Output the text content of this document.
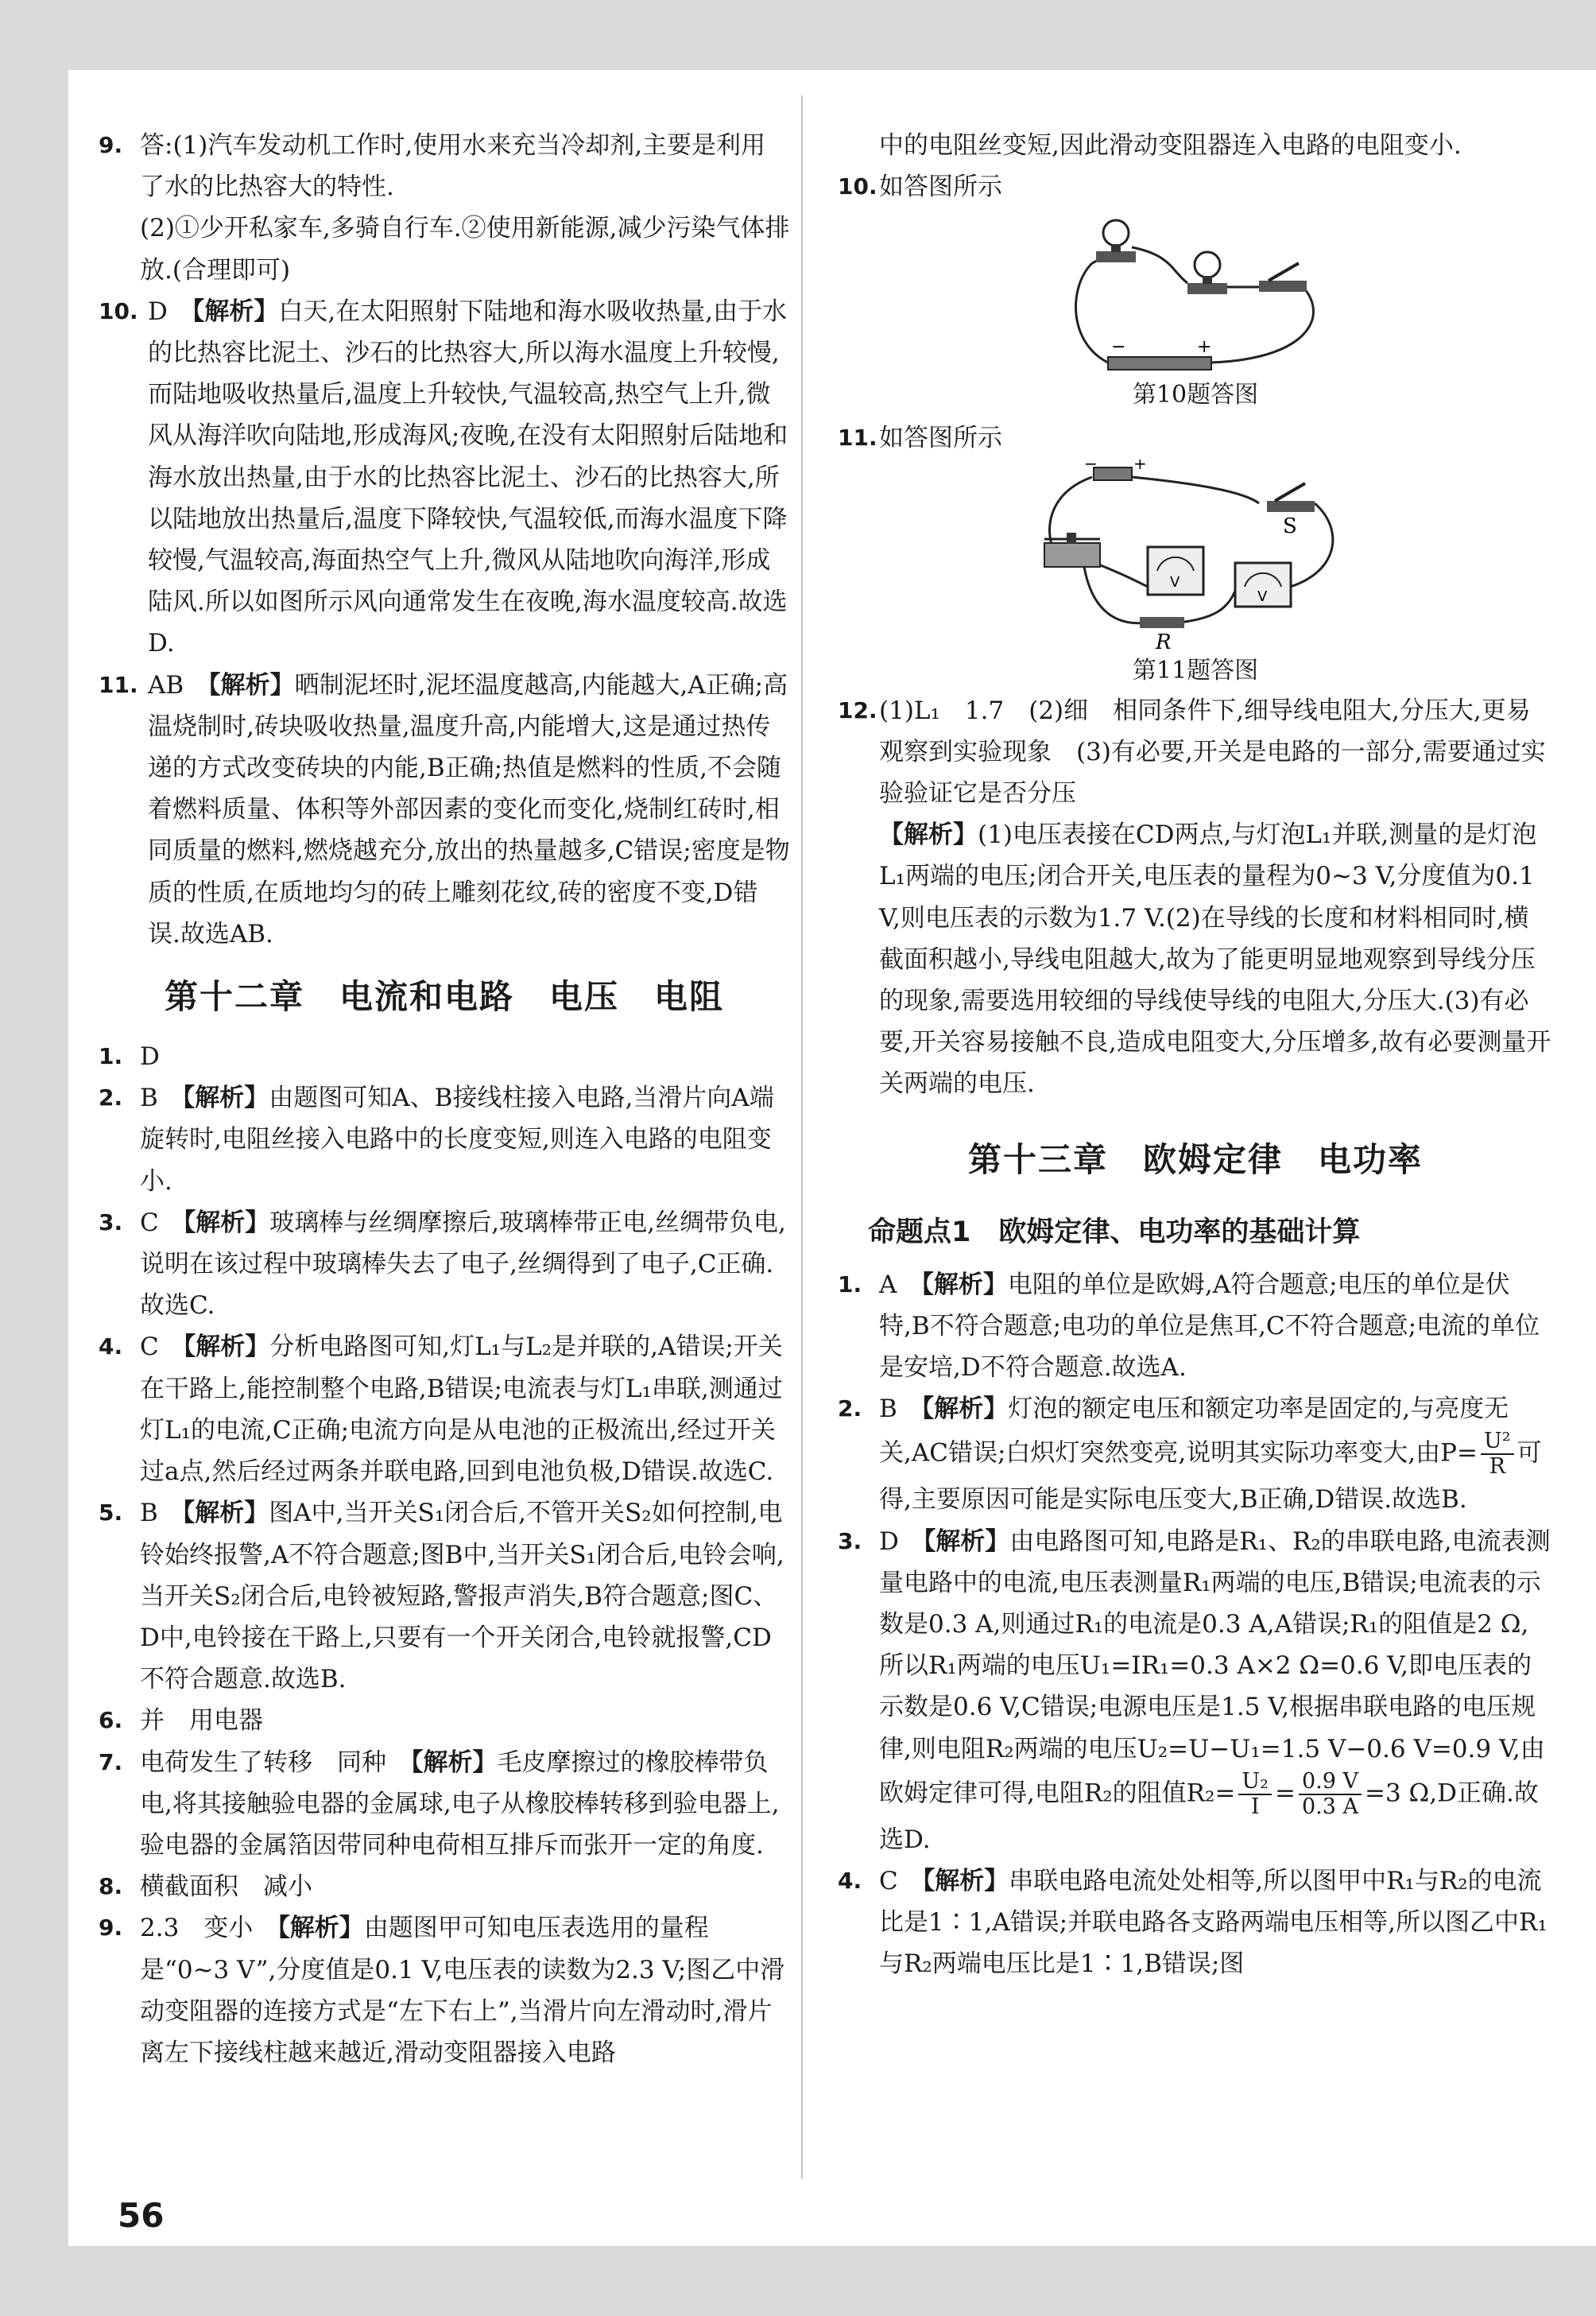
9. 答:(1)汽车发动机工作时,使用水来充当冷却剂,主要是利用了水的比热容大的特性.
(2)①少开私家车,多骑自行车.②使用新能源,减少污染气体排放.(合理即可)
10. D　 【解析】白天,在太阳照射下陆地和海水吸收热量,由于水的比热容比泥土、沙石的比热容大,所以海水温度上升较慢,而陆地吸收热量后,温度上升较快,气温较高,热空气上升,微风从海洋吹向陆地,形成海风;夜晚,在没有太阳照射后陆地和海水放出热量,由于水的比热容比泥土、沙石的比热容大,所以陆地放出热量后,温度下降较快,气温较低,而海水温度下降较慢,气温较高,海面热空气上升,微风从陆地吹向海洋,形成陆风.所以如图所示风向通常发生在夜晚,海水温度较高.故选D.
11. AB　 【解析】晒制泥坯时,泥坯温度越高,内能越大,A正确;高温烧制时,砖块吸收热量,温度升高,内能增大,这是通过热传递的方式改变砖块的内能,B正确;热值是燃料的性质,不会随着燃料质量、体积等外部因素的变化而变化,烧制红砖时,相同质量的燃料,燃烧越充分,放出的热量越多,C错误;密度是物质的性质,在质地均匀的砖上雕刻花纹,砖的密度不变,D错误.故选AB.
第十二章　电流和电路　电压　电阻
1. D
2. B　 【解析】由题图可知A、B接线柱接入电路,当滑片向A端旋转时,电阻丝接入电路中的长度变短,则连入电路的电阻变小.
3. C　 【解析】玻璃棒与丝绸摩擦后,玻璃棒带正电,丝绸带负电,说明在该过程中玻璃棒失去了电子,丝绸得到了电子,C正确.故选C.
4. C　 【解析】分析电路图可知,灯L₁与L₂是并联的,A错误;开关在干路上,能控制整个电路,B错误;电流表与灯L₁串联,测通过灯L₁的电流,C正确;电流方向是从电池的正极流出,经过开关过a点,然后经过两条并联电路,回到电池负极,D错误.故选C.
5. B　 【解析】图A中,当开关S₁闭合后,不管开关S₂如何控制,电铃始终报警,A不符合题意;图B中,当开关S₁闭合后,电铃会响,当开关S₂闭合后,电铃被短路,警报声消失,B符合题意;图C、D中,电铃接在干路上,只要有一个开关闭合,电铃就报警,CD不符合题意.故选B.
6. 并　用电器
7. 电荷发生了转移　同种　 【解析】毛皮摩擦过的橡胶棒带负电,将其接触验电器的金属球,电子从橡胶棒转移到验电器上,验电器的金属箔因带同种电荷相互排斥而张开一定的角度.
8. 横截面积　减小
9. 2.3　变小　 【解析】由题图甲可知电压表选用的量程是“0~3 V”,分度值是0.1 V,电压表的读数为2.3 V;图乙中滑动变阻器的连接方式是“左下右上”,当滑片向左滑动时,滑片离左下接线柱越来越近,滑动变阻器接入电路
中的电阻丝变短,因此滑动变阻器连入电路的电阻变小.
10. 如答图所示
−	+
第10题答图
11. 如答图所示
− +
S
V
V
R
第11题答图
12. (1)L₁　1.7　(2)细　相同条件下,细导线电阻大,分压大,更易观察到实验现象　(3)有必要,开关是电路的一部分,需要通过实验验证它是否分压
【解析】(1)电压表接在CD两点,与灯泡L₁并联,测量的是灯泡L₁两端的电压;闭合开关,电压表的量程为0~3 V,分度值为0.1 V,则电压表的示数为1.7 V.(2)在导线的长度和材料相同时,横截面积越小,导线电阻越大,故为了能更明显地观察到导线分压的现象,需要选用较细的导线使导线的电阻大,分压大.(3)有必要,开关容易接触不良,造成电阻变大,分压增多,故有必要测量开关两端的电压.
第十三章　欧姆定律　电功率
命题点1　欧姆定律、电功率的基础计算
1. A　 【解析】电阻的单位是欧姆,A符合题意;电压的单位是伏特,B不符合题意;电功的单位是焦耳,C不符合题意;电流的单位是安培,D不符合题意.故选A.
2. B　 【解析】灯泡的额定电压和额定功率是固定的,与亮度无关,AC错误;白炽灯突然变亮,说明其实际功率变大,由$P= \frac{\text{U²}}{R}$ 可得,主要原因可能是实际电压变大,B正确,D错误.故选B.
3. D　 【解析】由电路图可知,电路是R₁、R₂的串联电路,电流表测量电路中的电流,电压表测量R₁两端的电压,B错误;电流表的示数是0.3 A,则通过R₁的电流是0.3 A,A错误;R₁的阻值是2 Ω,所以R₁两端的电压U₁=IR₁=0.3 A×2 Ω=0.6 V,即电压表的示数是0.6 V,C错误;电源电压是1.5 V,根据串联电路的电压规律,则电阻R₂两端的电压U₂=U−U₁=1.5 V−0.6 V=0.9 V,由欧姆定律可得,电阻R₂的阻值$R_2= \frac{\text{U₂}}{I} = \frac{0.9 V}{0.3 A} =3$ Ω,D正确.故选D.
4. C　 【解析】串联电路电流处处相等,所以图甲中R₁与R₂的电流比是1∶1,A错误;并联电路各支路两端电压相等,所以图乙中R₁与R₂两端电压比是1∶1,B错误;图
56
